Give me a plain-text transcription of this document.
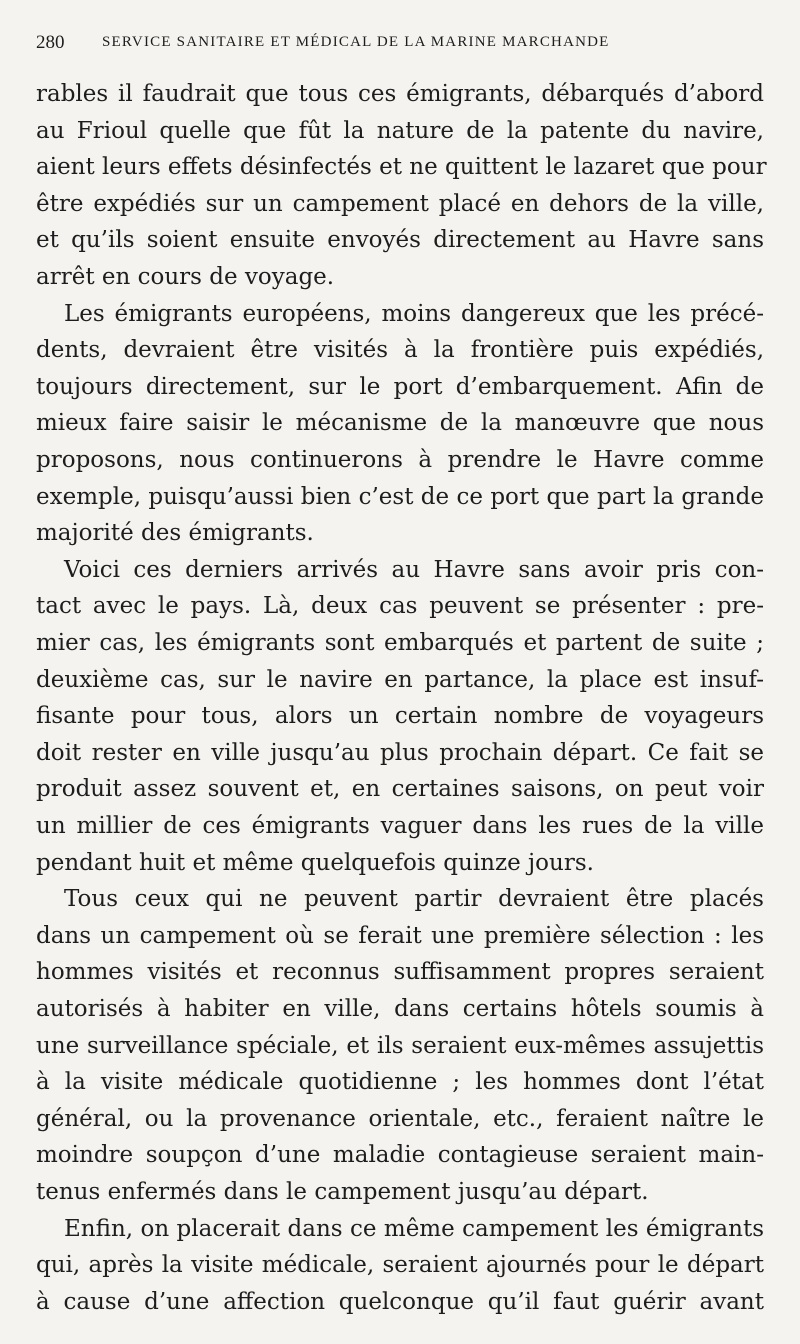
280	SERVICE SANITAIRE ET MÉDICAL DE LA MARINE MARCHANDE
rables il faudrait que tous ces émigrants, débarqués d’abord
au Frioul quelle que fût la nature de la patente du navire,
aient leurs effets désinfectés et ne quittent le lazaret que pour
être expédiés sur un campement placé en dehors de la ville,
et qu’ils soient ensuite envoyés directement au Havre sans
arrêt en cours de voyage.
Les émigrants européens, moins dangereux que les précé-
dents, devraient être visités à la frontière puis expédiés,
toujours directement, sur le port d’embarquement. Afin de
mieux faire saisir le mécanisme de la manœuvre que nous
proposons, nous continuerons à prendre le Havre comme
exemple, puisqu’aussi bien c’est de ce port que part la grande
majorité des émigrants.
Voici ces derniers arrivés au Havre sans avoir pris con-
tact avec le pays. Là, deux cas peuvent se présenter : pre-
mier cas, les émigrants sont embarqués et partent de suite ;
deuxième cas, sur le navire en partance, la place est insuf-
fisante pour tous, alors un certain nombre de voyageurs
doit rester en ville jusqu’au plus prochain départ. Ce fait se
produit assez souvent et, en certaines saisons, on peut voir
un millier de ces émigrants vaguer dans les rues de la ville
pendant huit et même quelquefois quinze jours.
Tous ceux qui ne peuvent partir devraient être placés
dans un campement où se ferait une première sélection : les
hommes visités et reconnus suffisamment propres seraient
autorisés à habiter en ville, dans certains hôtels soumis à
une surveillance spéciale, et ils seraient eux-mêmes assujettis
à la visite médicale quotidienne ; les hommes dont l’état
général, ou la provenance orientale, etc., feraient naître le
moindre soupçon d’une maladie contagieuse seraient main-
tenus enfermés dans le campement jusqu’au départ.
Enfin, on placerait dans ce même campement les émigrants
qui, après la visite médicale, seraient ajournés pour le départ
à cause d’une affection quelconque qu’il faut guérir avant
